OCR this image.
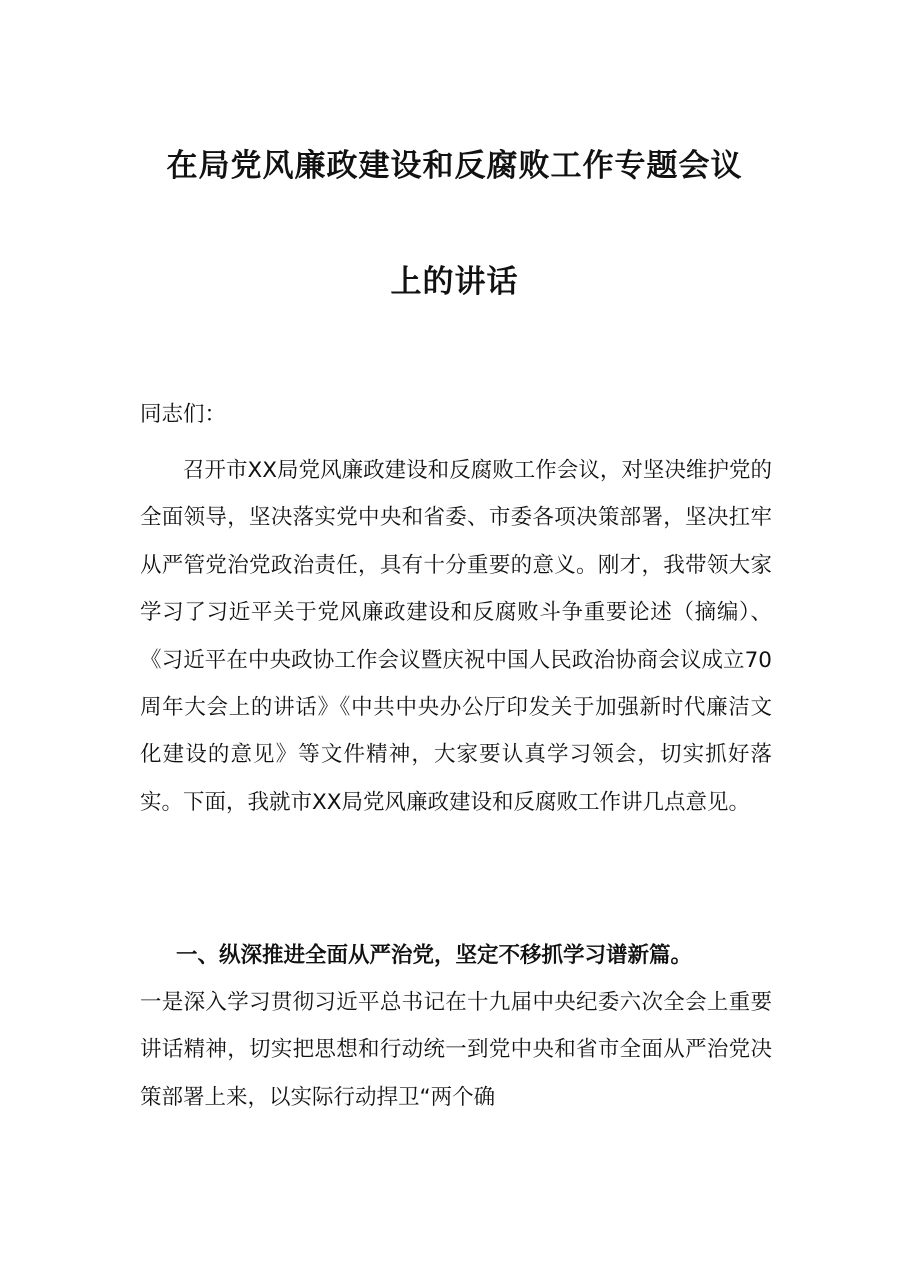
在局党风廉政建设和反腐败工作专题会议
上的讲话

同志们：

召开市XX局党风廉政建设和反腐败工作会议，对坚决维护党的全面领导，坚决落实党中央和省委、市委各项决策部署，坚决扛牢从严管党治党政治责任，具有十分重要的意义。刚才，我带领大家学习了习近平关于党风廉政建设和反腐败斗争重要论述（摘编）、《习近平在中央政协工作会议暨庆祝中国人民政治协商会议成立70周年大会上的讲话》《中共中央办公厅印发关于加强新时代廉洁文化建设的意见》等文件精神，大家要认真学习领会，切实抓好落实。下面，我就市XX局党风廉政建设和反腐败工作讲几点意见。

一、纵深推进全面从严治党，坚定不移抓学习谱新篇。

一是深入学习贯彻习近平总书记在十九届中央纪委六次全会上重要讲话精神，切实把思想和行动统一到党中央和省市全面从严治党决策部署上来，以实际行动捍卫“两个确
